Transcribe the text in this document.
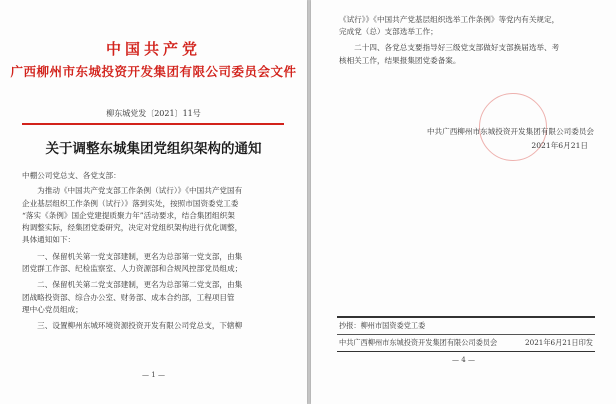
中国共产党
广西柳州市东城投资开发集团有限公司委员会文件
柳东城党发〔2021〕11号
关于调整东城集团党组织架构的通知

中棚公司党总支、各党支部：

　　为推动《中国共产党支部工作条例（试行）》《中国共产党国有

企业基层组织工作条例（试行）》落到实处，按照市国资委党工委

“落实《条例》国企党建提质聚力年”活动要求，结合集团组织架

构调整实际，经集团党委研究，决定对党组织架构进行优化调整，

具体通知如下：

　　一、保留机关第一党支部建制，更名为总部第一党支部，由集

团党群工作部、纪检监察室、人力资源部和合规风控部党员组成；

　　二、保留机关第二党支部建制，更名为总部第二党支部，由集

团战略投资部、综合办公室、财务部、成本合约部，工程项目管

理中心党员组成；

　　三、设置柳州东城环境资源投资开发有限公司党总支，下辖柳

— 1 —

《试行》》《中国共产党基层组织选举工作条例》等党内有关规定，

完成党（总）支部选举工作；

　　二十四、各党总支要指导好三级党支部做好支部换届选举、考

核相关工作，结果报集团党委备案。

中共广西柳州市东城投资开发集团有限公司委员会
2021年6月21日
抄报：柳州市国资委党工委
中共广西柳州市东城投资开发集团有限公司委员会	2021年6月21日印发
— 4 —
